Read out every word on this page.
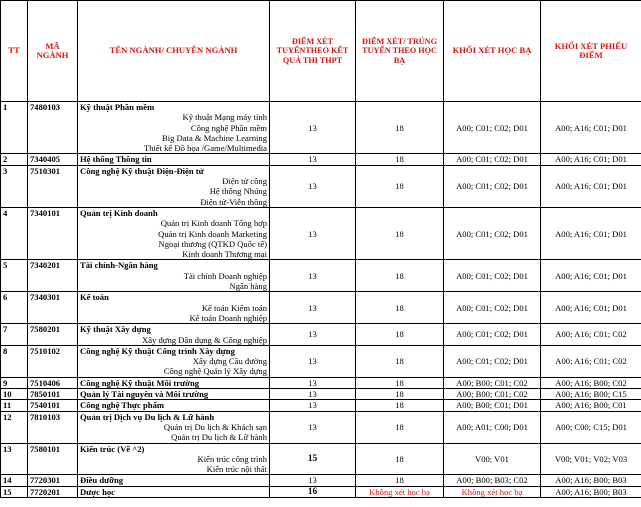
TT	MÃ NGÀNH	TÊN NGÀNH/ CHUYÊN NGÀNH	ĐIỂM XÉT TUYỂNTHEO KẾT QUẢ THI THPT	ĐIỂM XÉT/ TRÚNG TUYỂN THEO HỌC BẠ	KHỐI XÉT HỌC BẠ	KHỐI XÉT PHIẾU ĐIỂM
1	7480103	Kỹ thuật Phần mềm
Kỹ thuật Mạng máy tính
Công nghệ Phần mềm
Big Data & Machine Learning
Thiết kế Đồ họa /Game/Multimedia	13	18	A00; C01; C02; D01	A00; A16; C01; D01
2	7340405	Hệ thống Thông tin	13	18	A00; C01; C02; D01	A00; A16; C01; D01
3	7510301	Công nghệ Kỹ thuật Điện-Điện tử
Điện tử công
Hệ thống Nhúng
Điện tử-Viễn thông	13	18	A00; C01; C02; D01	A00; A16; C01; D01
4	7340101	Quản trị Kinh doanh
Quản trị Kinh doanh Tổng hợp
Quản trị Kinh doanh Marketing
Ngoại thương (QTKD Quốc tế)
Kinh doanh Thương mại	13	18	A00; C01; C02; D01	A00; A16; C01; D01
5	7340201	Tài chính-Ngân hàng
Tài chính Doanh nghiệp
Ngân hàng	13	18	A00; C01; C02; D01	A00; A16; C01; D01
6	7340301	Kế toán
Kế toán Kiểm toán
Kế toán Doanh nghiệp	13	18	A00; C01; C02; D01	A00; A16; C01; D01
7	7580201	Kỹ thuật Xây dựng
Xây dựng Dân dụng & Công nghiệp	13	18	A00; C01; C02; D01	A00; A16; C01; C02
8	7510102	Công nghệ Kỹ thuật Công trình Xây dựng
Xây dựng Cầu đường
Công nghệ Quản lý Xây dựng	13	18	A00; C01; C02; D01	A00; A16; C01; C02
9	7510406	Công nghệ Kỹ thuật Môi trường	13	18	A00; B00; C01; C02	A00; A16; B00; C02
10	7850101	Quản lý Tài nguyên và Môi trường	13	18	A00; B00; C01; C02	A00; A16; B00; C15
11	7540101	Công nghệ Thực phẩm	13	18	A00; B00; C01; D01	A00; A16; B00; C01
12	7810103	Quản trị Dịch vụ Du lịch & Lữ hành
Quản trị Du lịch & Khách sạn
Quản trị Du lịch & Lữ hành	13	18	A00; A01; C00; D01	A00; C00; C15; D01
13	7580101	Kiến trúc (Vẽ ^2)
Kiến trúc công trình
Kiến trúc nội thất	15	18	V00; V01	V00; V01; V02; V03
14	7720301	Điều dưỡng	13	18	A00; B00; B03; C02	A00; A16; B00; B03
15	7720201	Dược học	16	Không xét học bạ	Không xét học bạ	A00; A16; B00; B03
